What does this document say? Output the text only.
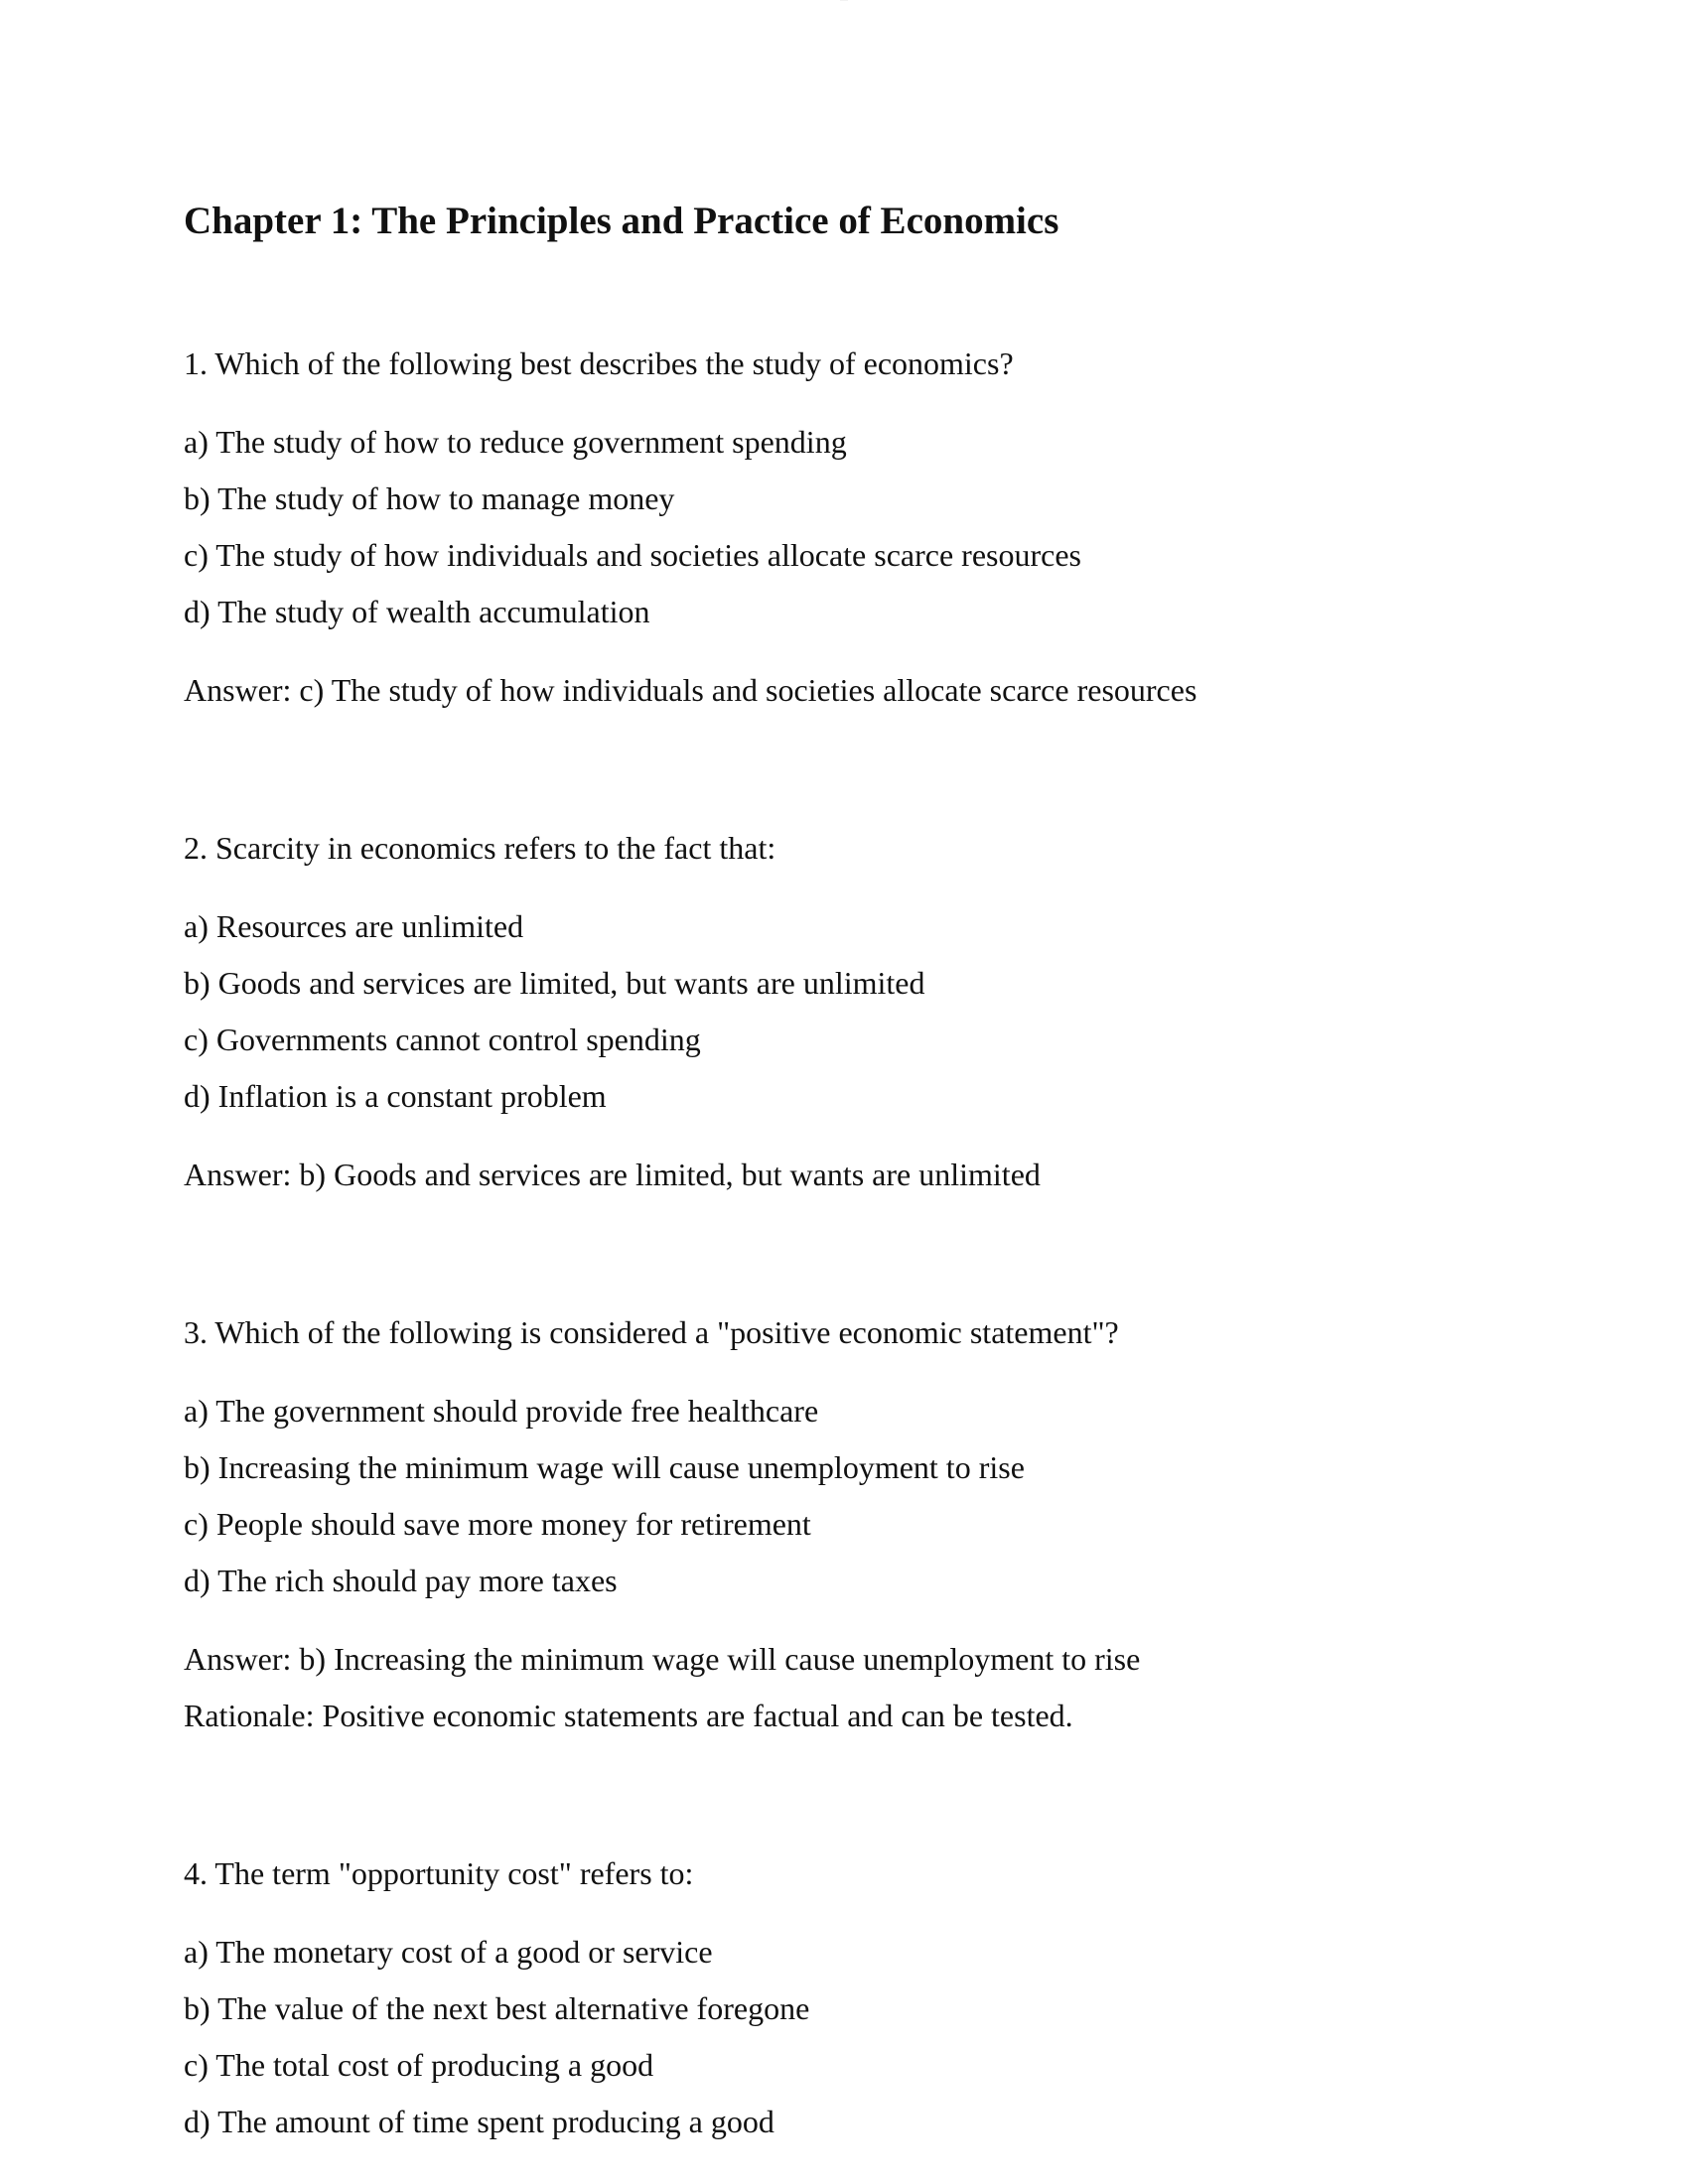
········
Chapter 1: The Principles and Practice of Economics
1. Which of the following best describes the study of economics?
a) The study of how to reduce government spending
b) The study of how to manage money
c) The study of how individuals and societies allocate scarce resources
d) The study of wealth accumulation
Answer: c) The study of how individuals and societies allocate scarce resources
2. Scarcity in economics refers to the fact that:
a) Resources are unlimited
b) Goods and services are limited, but wants are unlimited
c) Governments cannot control spending
d) Inflation is a constant problem
Answer: b) Goods and services are limited, but wants are unlimited
3. Which of the following is considered a "positive economic statement"?
a) The government should provide free healthcare
b) Increasing the minimum wage will cause unemployment to rise
c) People should save more money for retirement
d) The rich should pay more taxes
Answer: b) Increasing the minimum wage will cause unemployment to rise
Rationale: Positive economic statements are factual and can be tested.
4. The term "opportunity cost" refers to:
a) The monetary cost of a good or service
b) The value of the next best alternative foregone
c) The total cost of producing a good
d) The amount of time spent producing a good
